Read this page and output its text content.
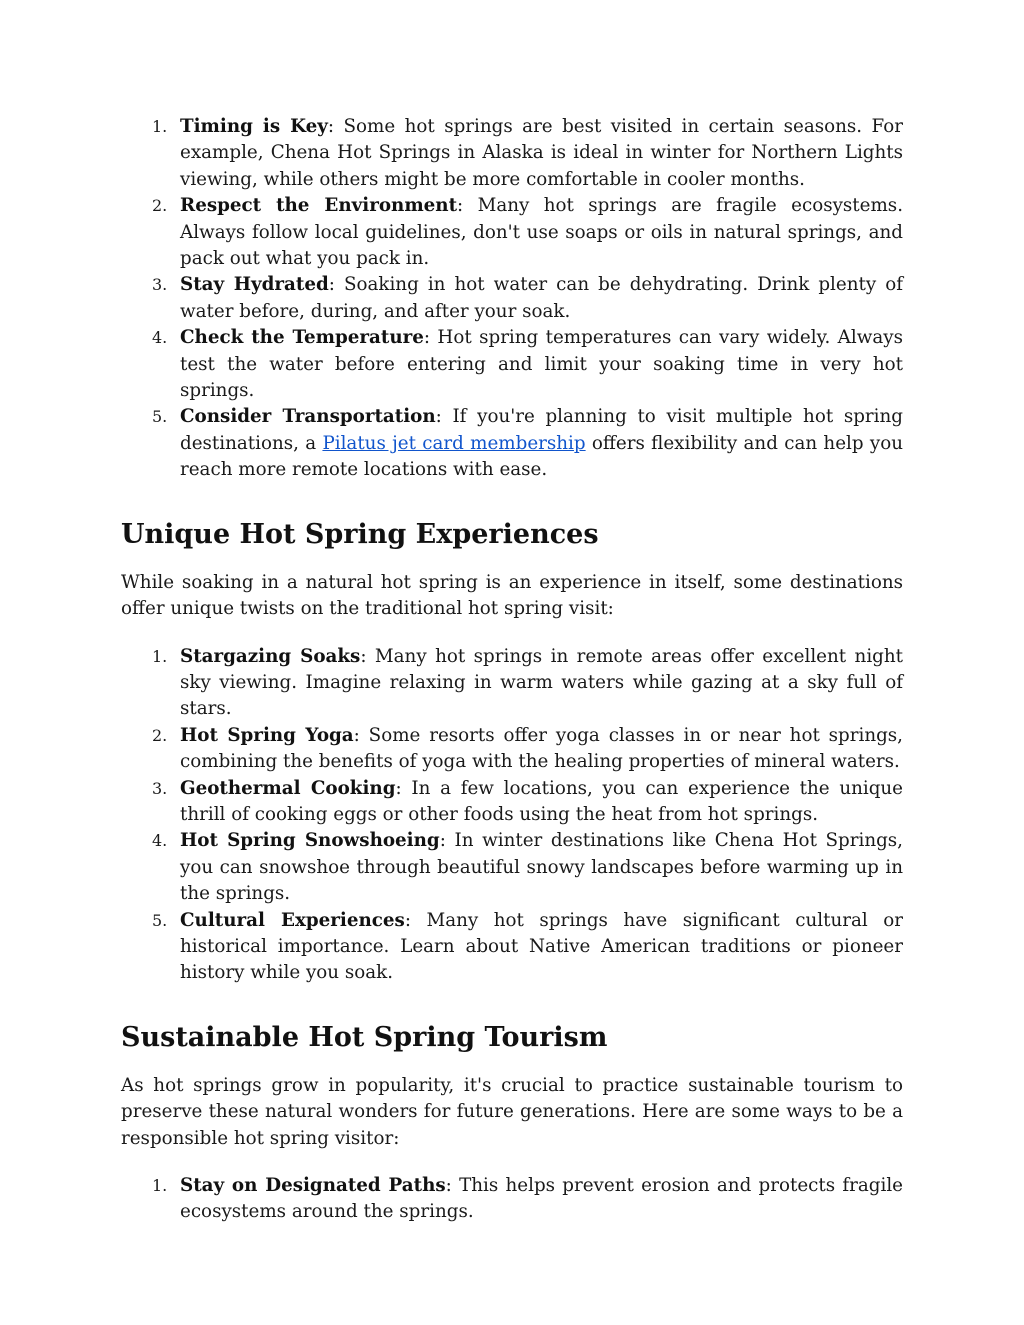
1. Timing is Key: Some hot springs are best visited in certain seasons. For example, Chena Hot Springs in Alaska is ideal in winter for Northern Lights viewing, while others might be more comfortable in cooler months.
2. Respect the Environment: Many hot springs are fragile ecosystems. Always follow local guidelines, don't use soaps or oils in natural springs, and pack out what you pack in.
3. Stay Hydrated: Soaking in hot water can be dehydrating. Drink plenty of water before, during, and after your soak.
4. Check the Temperature: Hot spring temperatures can vary widely. Always test the water before entering and limit your soaking time in very hot springs.
5. Consider Transportation: If you're planning to visit multiple hot spring destinations, a Pilatus jet card membership offers flexibility and can help you reach more remote locations with ease.
Unique Hot Spring Experiences

While soaking in a natural hot spring is an experience in itself, some destinations offer unique twists on the traditional hot spring visit:

1. Stargazing Soaks: Many hot springs in remote areas offer excellent night sky viewing. Imagine relaxing in warm waters while gazing at a sky full of stars.
2. Hot Spring Yoga: Some resorts offer yoga classes in or near hot springs, combining the benefits of yoga with the healing properties of mineral waters.
3. Geothermal Cooking: In a few locations, you can experience the unique thrill of cooking eggs or other foods using the heat from hot springs.
4. Hot Spring Snowshoeing: In winter destinations like Chena Hot Springs, you can snowshoe through beautiful snowy landscapes before warming up in the springs.
5. Cultural Experiences: Many hot springs have significant cultural or historical importance. Learn about Native American traditions or pioneer history while you soak.
Sustainable Hot Spring Tourism

As hot springs grow in popularity, it's crucial to practice sustainable tourism to preserve these natural wonders for future generations. Here are some ways to be a responsible hot spring visitor:

1. Stay on Designated Paths: This helps prevent erosion and protects fragile ecosystems around the springs.
